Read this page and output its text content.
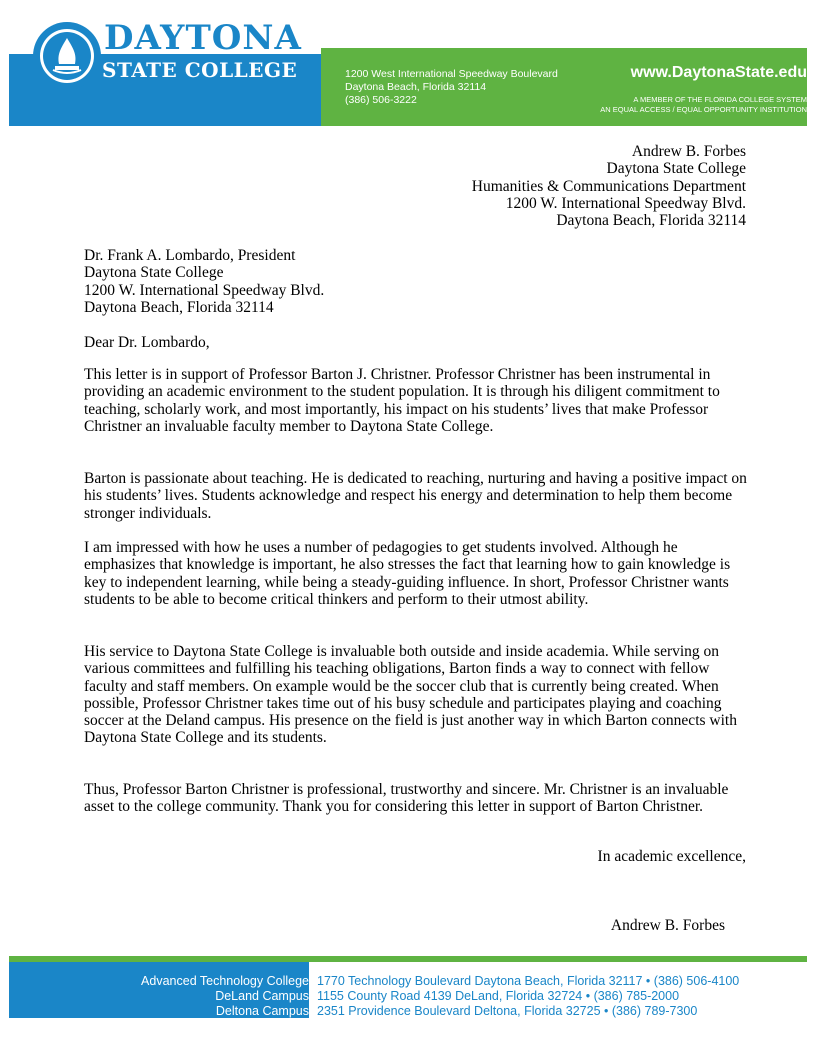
DAYTONA
STATE COLLEGE	1200 West International Speedway Boulevard
Daytona Beach, Florida 32114
(386) 506-3222
www.DaytonaState.edu
A MEMBER OF THE FLORIDA COLLEGE SYSTEM
AN EQUAL ACCESS / EQUAL OPPORTUNITY INSTITUTION
Andrew B. Forbes
Daytona State College
Humanities & Communications Department
1200 W. International Speedway Blvd.
Daytona Beach, Florida 32114
Dr. Frank A. Lombardo, President
Daytona State College
1200 W. International Speedway Blvd.
Daytona Beach, Florida 32114
Dear Dr. Lombardo,
This letter is in support of Professor Barton J. Christner. Professor Christner has been instrumental in providing an academic environment to the student population. It is through his diligent commitment to teaching, scholarly work, and most importantly, his impact on his students’ lives that make Professor Christner an invaluable faculty member to Daytona State College.
Barton is passionate about teaching. He is dedicated to reaching, nurturing and having a positive impact on his students’ lives. Students acknowledge and respect his energy and determination to help them become stronger individuals.
I am impressed with how he uses a number of pedagogies to get students involved. Although he emphasizes that knowledge is important, he also stresses the fact that learning how to gain knowledge is key to independent learning, while being a steady-guiding influence. In short, Professor Christner wants students to be able to become critical thinkers and perform to their utmost ability.
His service to Daytona State College is invaluable both outside and inside academia. While serving on various committees and fulfilling his teaching obligations, Barton finds a way to connect with fellow faculty and staff members. On example would be the soccer club that is currently being created. When possible, Professor Christner takes time out of his busy schedule and participates playing and coaching soccer at the Deland campus. His presence on the field is just another way in which Barton connects with Daytona State College and its students.
Thus, Professor Barton Christner is professional, trustworthy and sincere. Mr. Christner is an invaluable asset to the college community. Thank you for considering this letter in support of Barton Christner.
In academic excellence,
Andrew B. Forbes
Advanced Technology College
DeLand Campus
Deltona Campus
1770 Technology Boulevard Daytona Beach, Florida 32117 • (386) 506-4100
1155 County Road 4139 DeLand, Florida 32724 • (386) 785-2000
2351 Providence Boulevard Deltona, Florida 32725 • (386) 789-7300
